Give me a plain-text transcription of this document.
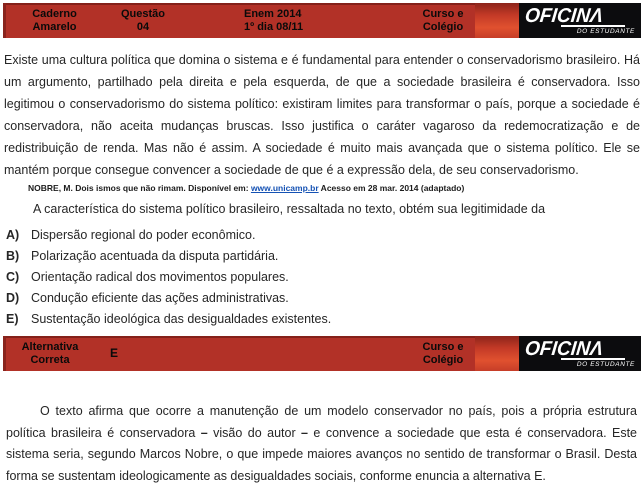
Caderno
Amarelo
Questão
04
Enem 2014
1º dia 08/11
Curso e
Colégio	OFICINΛ
DO ESTUDANTE

Existe uma cultura política que domina o sistema e é fundamental para entender o conservadorismo brasileiro. Há um argumento, partilhado pela direita e pela esquerda, de que a sociedade brasileira é conservadora. Isso legitimou o conservadorismo do sistema político: existiram limites para transformar o país, porque a sociedade é conservadora, não aceita mudanças bruscas. Isso justifica o caráter vagaroso da redemocratização e de redistribuição de renda. Mas não é assim. A sociedade é muito mais avançada que o sistema político. Ele se mantém porque consegue convencer a sociedade de que é a expressão dela, de seu conservadorismo.

NOBRE, M. Dois ismos que não rimam. Disponível em: www.unicamp.br Acesso em 28 mar. 2014 (adaptado)

A característica do sistema político brasileiro, ressaltada no texto, obtém sua legitimidade da

A) Dispersão regional do poder econômico.
B) Polarização acentuada da disputa partidária.
C) Orientação radical dos movimentos populares.
D) Condução eficiente das ações administrativas.
E)	Sustentação ideológica das desigualdades existentes.
Alternativa
Correta	E	Curso e
Colégio	OFICINΛ
DO ESTUDANTE

O texto afirma que ocorre a manutenção de um modelo conservador no país, pois a própria estrutura política brasileira é conservadora – visão do autor – e convence a sociedade que esta é conservadora. Este sistema seria, segundo Marcos Nobre, o que impede maiores avanços no sentido de transformar o Brasil. Desta forma se sustentam ideologicamente as desigualdades sociais, conforme enuncia a alternativa E.
